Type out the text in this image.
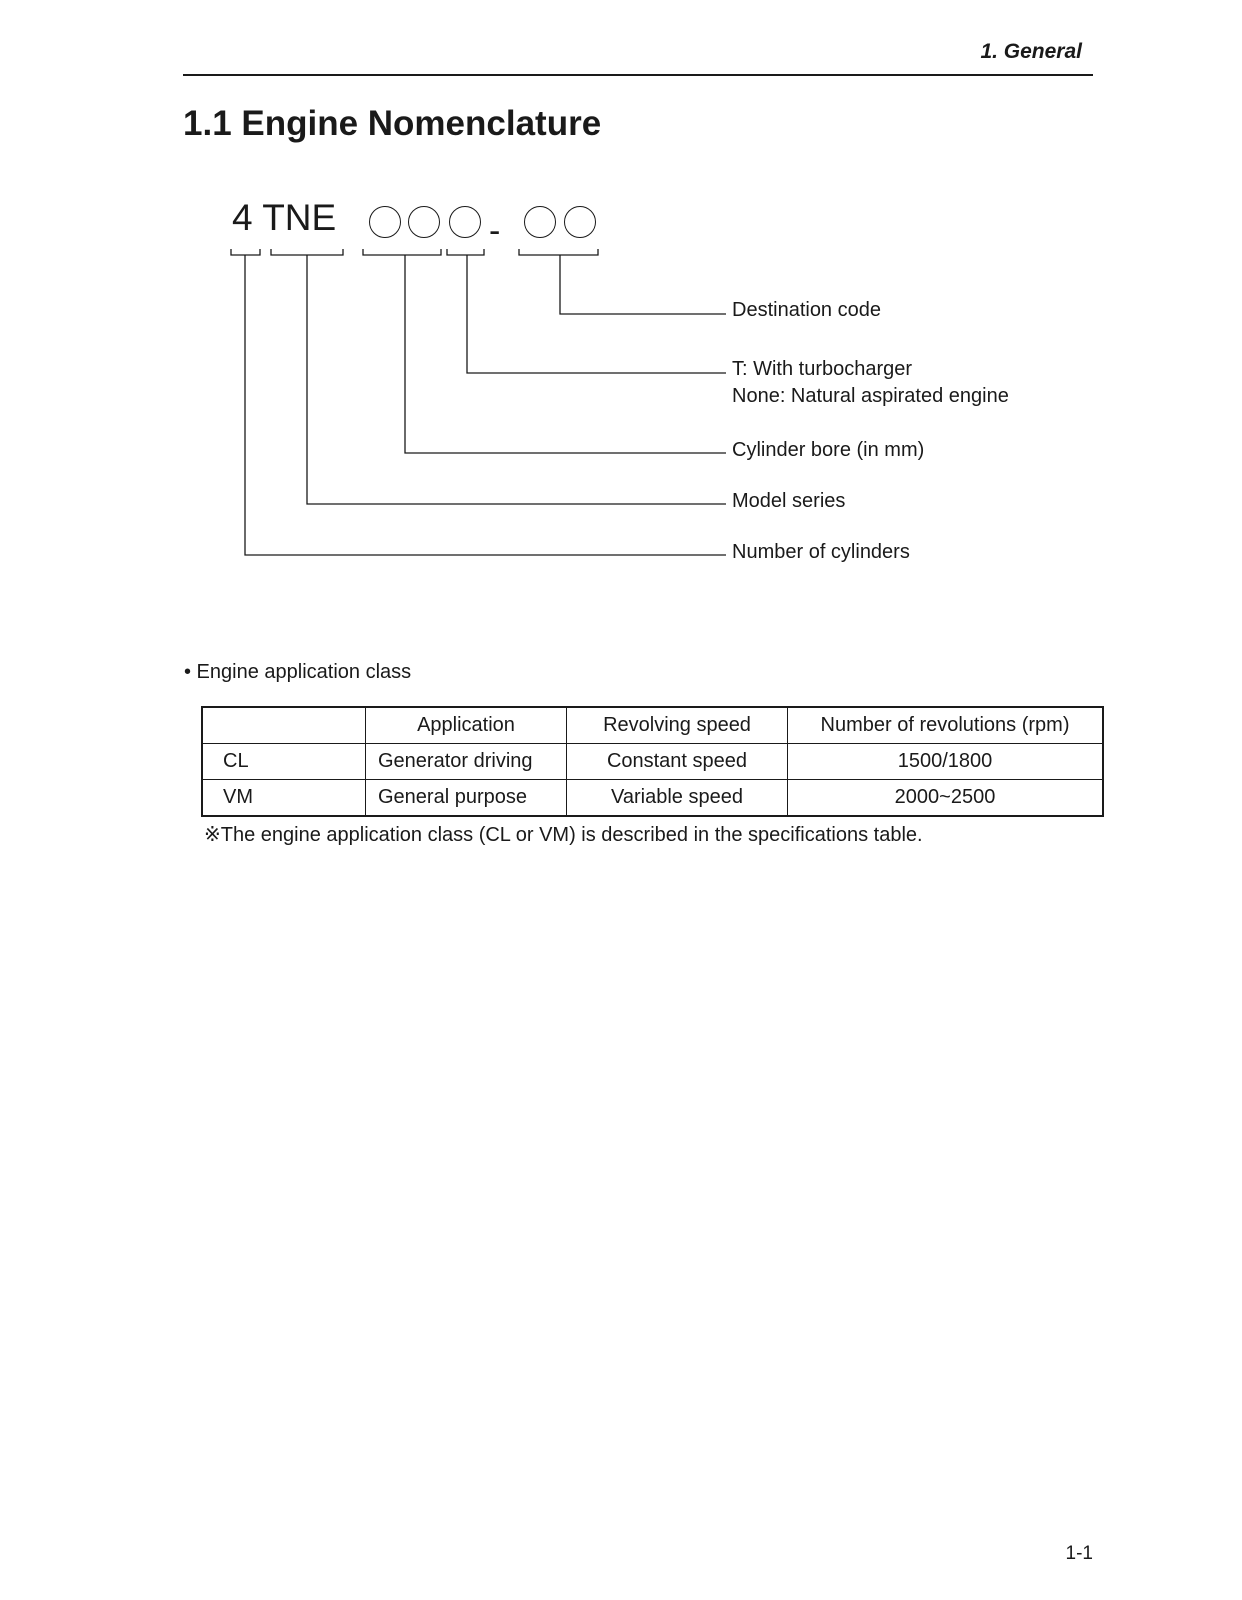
1. General
1.1 Engine Nomenclature
4 TNE	-
Destination code
T: With turbocharger
None: Natural aspirated engine
Cylinder bore (in mm)
Model series
Number of cylinders
• Engine application class
	Application	Revolving speed	Number of revolutions (rpm)
CL	Generator driving	Constant speed	1500/1800
VM	General purpose	Variable speed	2000~2500
※The engine application class (CL or VM) is described in the specifications table.
1-1
